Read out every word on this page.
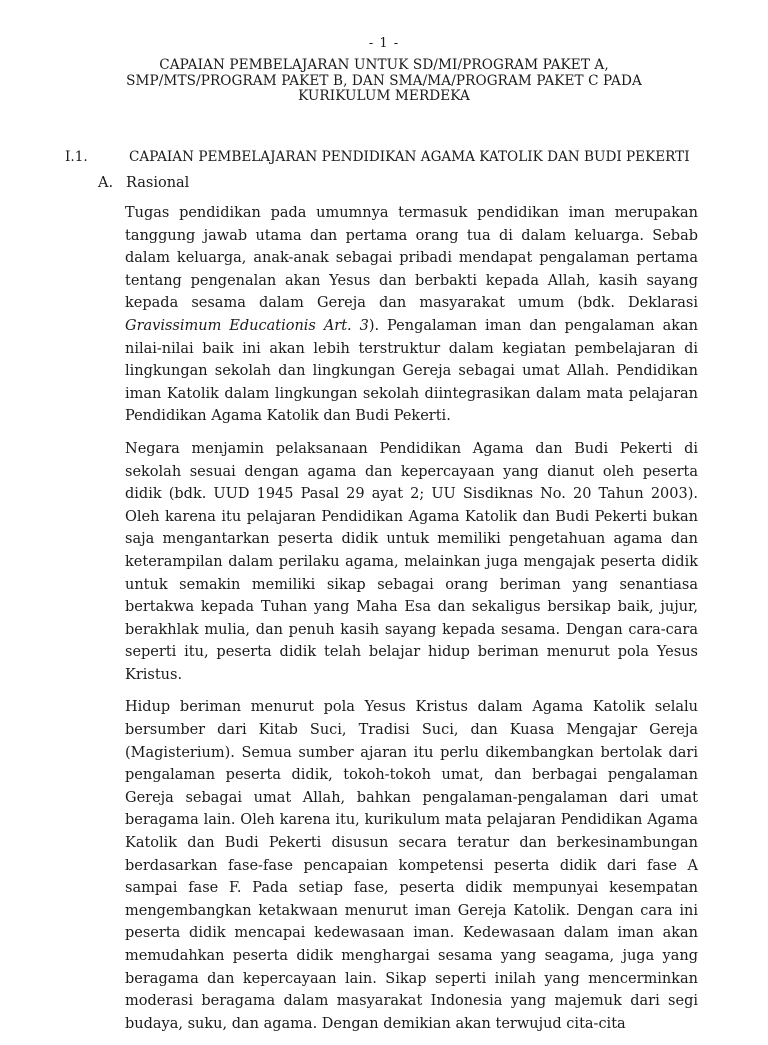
- 1 -
CAPAIAN PEMBELAJARAN UNTUK SD/MI/PROGRAM PAKET A,
SMP/MTS/PROGRAM PAKET B, DAN SMA/MA/PROGRAM PAKET C PADA
KURIKULUM MERDEKA
I.1.	CAPAIAN PEMBELAJARAN PENDIDIKAN AGAMA KATOLIK DAN BUDI PEKERTI
A. Rasional

Tugas pendidikan pada umumnya termasuk pendidikan iman merupakan tanggung jawab utama dan pertama orang tua di dalam keluarga. Sebab dalam keluarga, anak-anak sebagai pribadi mendapat pengalaman pertama tentang pengenalan akan Yesus dan berbakti kepada Allah, kasih sayang kepada sesama dalam Gereja dan masyarakat umum (bdk. Deklarasi Gravissimum Educationis Art. 3). Pengalaman iman dan pengalaman akan nilai-nilai baik ini akan lebih terstruktur dalam kegiatan pembelajaran di lingkungan sekolah dan lingkungan Gereja sebagai umat Allah. Pendidikan iman Katolik dalam lingkungan sekolah diintegrasikan dalam mata pelajaran Pendidikan Agama Katolik dan Budi Pekerti.

Negara menjamin pelaksanaan Pendidikan Agama dan Budi Pekerti di sekolah sesuai dengan agama dan kepercayaan yang dianut oleh peserta didik (bdk. UUD 1945 Pasal 29 ayat 2; UU Sisdiknas No. 20 Tahun 2003). Oleh karena itu pelajaran Pendidikan Agama Katolik dan Budi Pekerti bukan saja mengantarkan peserta didik untuk memiliki pengetahuan agama dan keterampilan dalam perilaku agama, melainkan juga mengajak peserta didik untuk semakin memiliki sikap sebagai orang beriman yang senantiasa bertakwa kepada Tuhan yang Maha Esa dan sekaligus bersikap baik, jujur, berakhlak mulia, dan penuh kasih sayang kepada sesama. Dengan cara-cara seperti itu, peserta didik telah belajar hidup beriman menurut pola Yesus Kristus.

Hidup beriman menurut pola Yesus Kristus dalam Agama Katolik selalu bersumber dari Kitab Suci, Tradisi Suci, dan Kuasa Mengajar Gereja (Magisterium). Semua sumber ajaran itu perlu dikembangkan bertolak dari pengalaman peserta didik, tokoh-tokoh umat, dan berbagai pengalaman Gereja sebagai umat Allah, bahkan pengalaman-pengalaman dari umat beragama lain. Oleh karena itu, kurikulum mata pelajaran Pendidikan Agama Katolik dan Budi Pekerti disusun secara teratur dan berkesinambungan berdasarkan fase-fase pencapaian kompetensi peserta didik dari fase A sampai fase F. Pada setiap fase, peserta didik mempunyai kesempatan mengembangkan ketakwaan menurut iman Gereja Katolik. Dengan cara ini peserta didik mencapai kedewasaan iman. Kedewasaan dalam iman akan memudahkan peserta didik menghargai sesama yang seagama, juga yang beragama dan kepercayaan lain. Sikap seperti inilah yang mencerminkan moderasi beragama dalam masyarakat Indonesia yang majemuk dari segi budaya, suku, dan agama. Dengan demikian akan terwujud cita-cita
